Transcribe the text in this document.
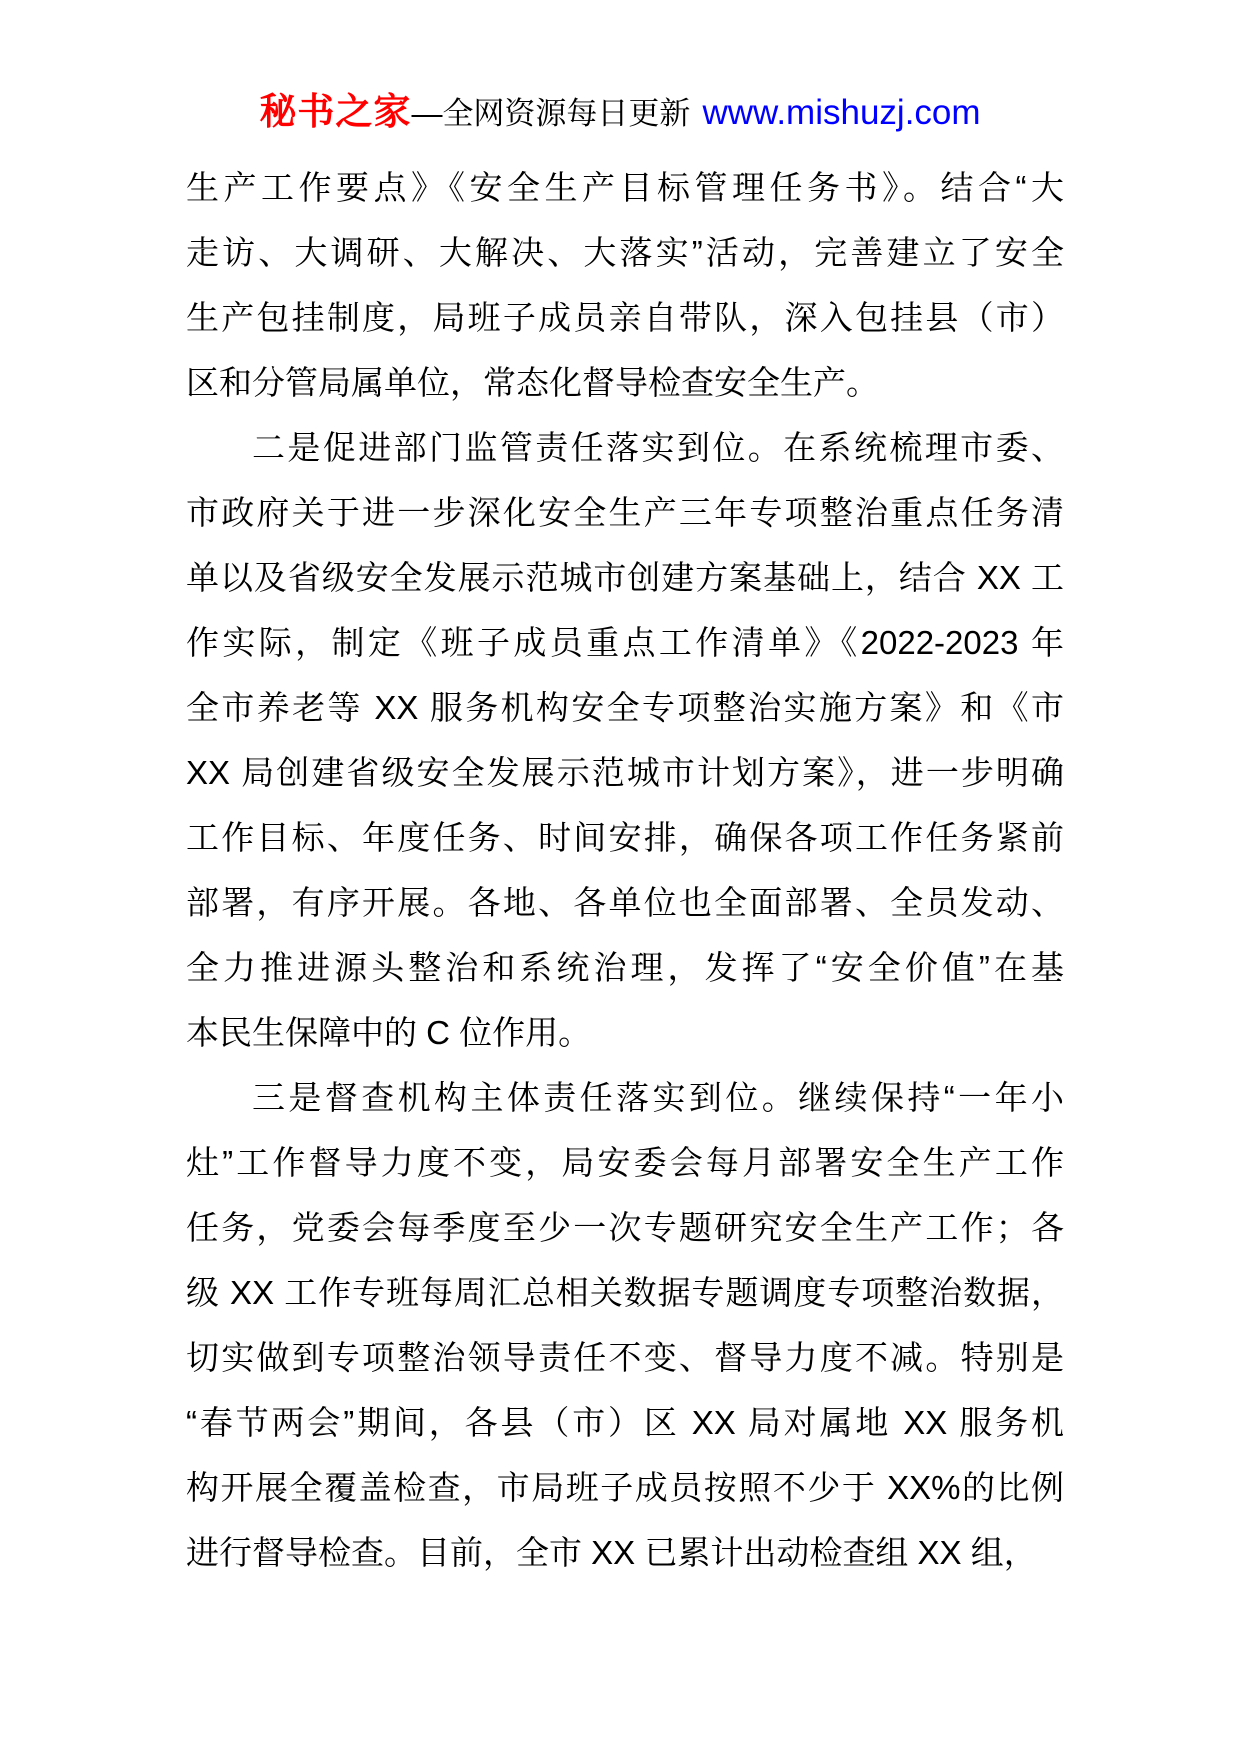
秘书之家—全网资源每日更新 www.mishuzj.com
生产工作要点》《安全生产目标管理任务书》。结合“大
走访、大调研、大解决、大落实”活动，完善建立了安全
生产包挂制度，局班子成员亲自带队，深入包挂县（市）
区和分管局属单位，常态化督导检查安全生产。
二是促进部门监管责任落实到位。在系统梳理市委、
市政府关于进一步深化安全生产三年专项整治重点任务清
单以及省级安全发展示范城市创建方案基础上，结合 XX 工
作实际，制定《班子成员重点工作清单》《2022-2023 年
全市养老等 XX 服务机构安全专项整治实施方案》和《市
XX 局创建省级安全发展示范城市计划方案》，进一步明确
工作目标、年度任务、时间安排，确保各项工作任务紧前
部署，有序开展。各地、各单位也全面部署、全员发动、
全力推进源头整治和系统治理，发挥了“安全价值”在基
本民生保障中的 C 位作用。
三是督查机构主体责任落实到位。继续保持“一年小
灶”工作督导力度不变，局安委会每月部署安全生产工作
任务，党委会每季度至少一次专题研究安全生产工作；各
级 XX 工作专班每周汇总相关数据专题调度专项整治数据，
切实做到专项整治领导责任不变、督导力度不减。特别是
“春节两会”期间，各县（市）区 XX 局对属地 XX 服务机
构开展全覆盖检查，市局班子成员按照不少于 XX%的比例
进行督导检查。目前，全市 XX 已累计出动检查组 XX 组，
